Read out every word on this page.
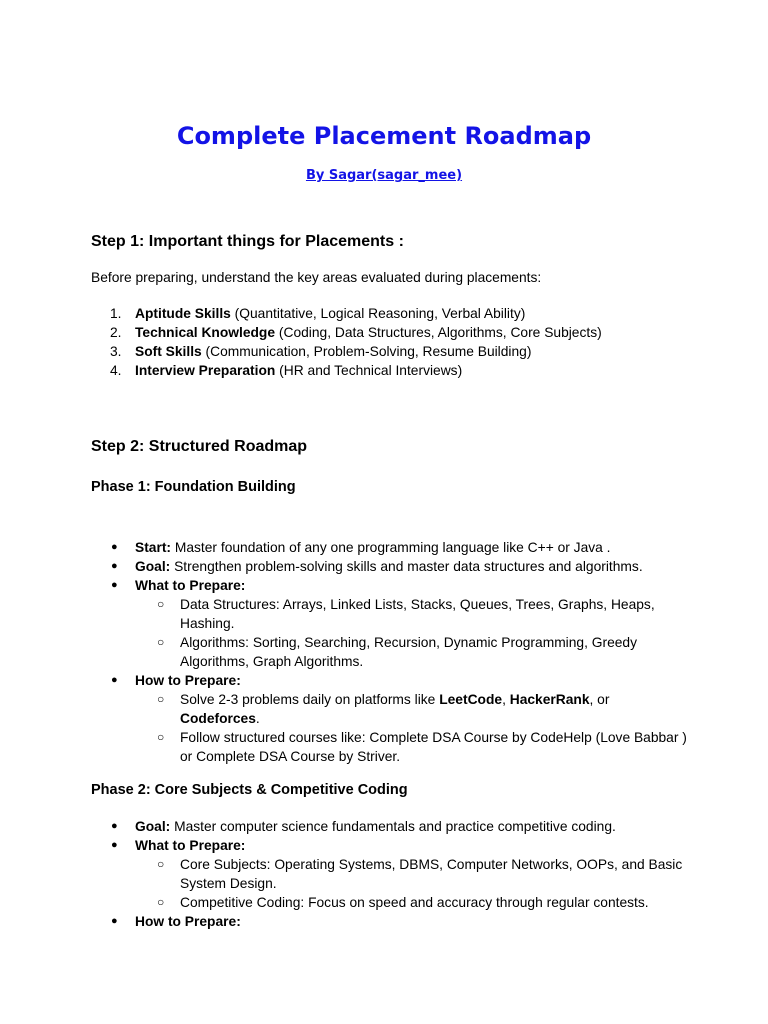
Complete Placement Roadmap
By Sagar(sagar_mee)
Step 1: Important things for Placements :

Before preparing, understand the key areas evaluated during placements:

1. Aptitude Skills (Quantitative, Logical Reasoning, Verbal Ability)
2. Technical Knowledge (Coding, Data Structures, Algorithms, Core Subjects)
3. Soft Skills (Communication, Problem-Solving, Resume Building)
4. Interview Preparation (HR and Technical Interviews)
Step 2: Structured Roadmap
Phase 1: Foundation Building
● Start: Master foundation of any one programming language like C++ or Java .
● Goal: Strengthen problem-solving skills and master data structures and algorithms.
● What to Prepare:
○ Data Structures: Arrays, Linked Lists, Stacks, Queues, Trees, Graphs, Heaps, Hashing.
○ Algorithms: Sorting, Searching, Recursion, Dynamic Programming, Greedy Algorithms, Graph Algorithms.
● How to Prepare:
○ Solve 2-3 problems daily on platforms like LeetCode, HackerRank, or
Codeforces.
○ Follow structured courses like: Complete DSA Course by CodeHelp (Love Babbar ) or Complete DSA Course by Striver.
Phase 2: Core Subjects & Competitive Coding
● Goal: Master computer science fundamentals and practice competitive coding.
● What to Prepare:
○ Core Subjects: Operating Systems, DBMS, Computer Networks, OOPs, and Basic System Design.
○ Competitive Coding: Focus on speed and accuracy through regular contests.
● How to Prepare:
